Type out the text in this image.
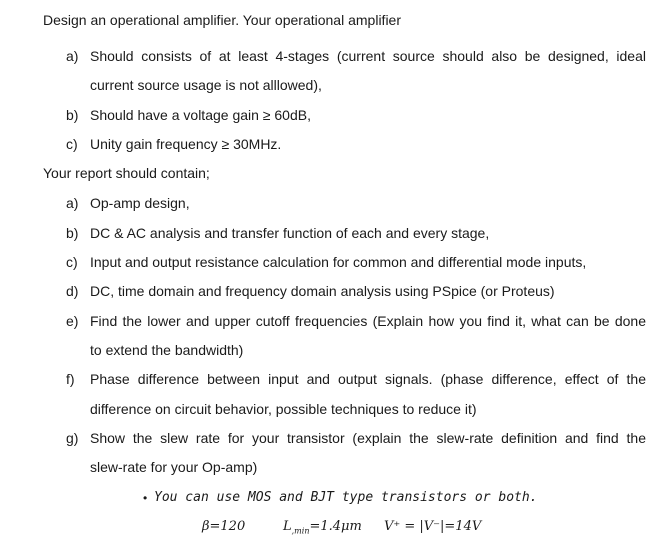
Design an operational amplifier. Your operational amplifier
a) Should consists of at least 4-stages (current source should also be designed, ideal
current source usage is not alllowed),
b) Should have a voltage gain ≥ 60dB,
c) Unity gain frequency ≥ 30MHz.
Your report should contain;
a) Op-amp design,
b) DC & AC analysis and transfer function of each and every stage,
c) Input and output resistance calculation for common and differential mode inputs,
d) DC, time domain and frequency domain analysis using PSpice (or Proteus)
e) Find the lower and upper cutoff frequencies (Explain how you find it, what can be done
to extend the bandwidth)
f) Phase difference between input and output signals. (phase difference, effect of the
difference on circuit behavior, possible techniques to reduce it)
g) Show the slew rate for your transistor (explain the slew-rate definition and find the
slew-rate for your Op-amp)
• You can use MOS and BJT type transistors or both.
β=120	$L_{,min}=1.4\mu m$ V⁺ = |V⁻|=14V
